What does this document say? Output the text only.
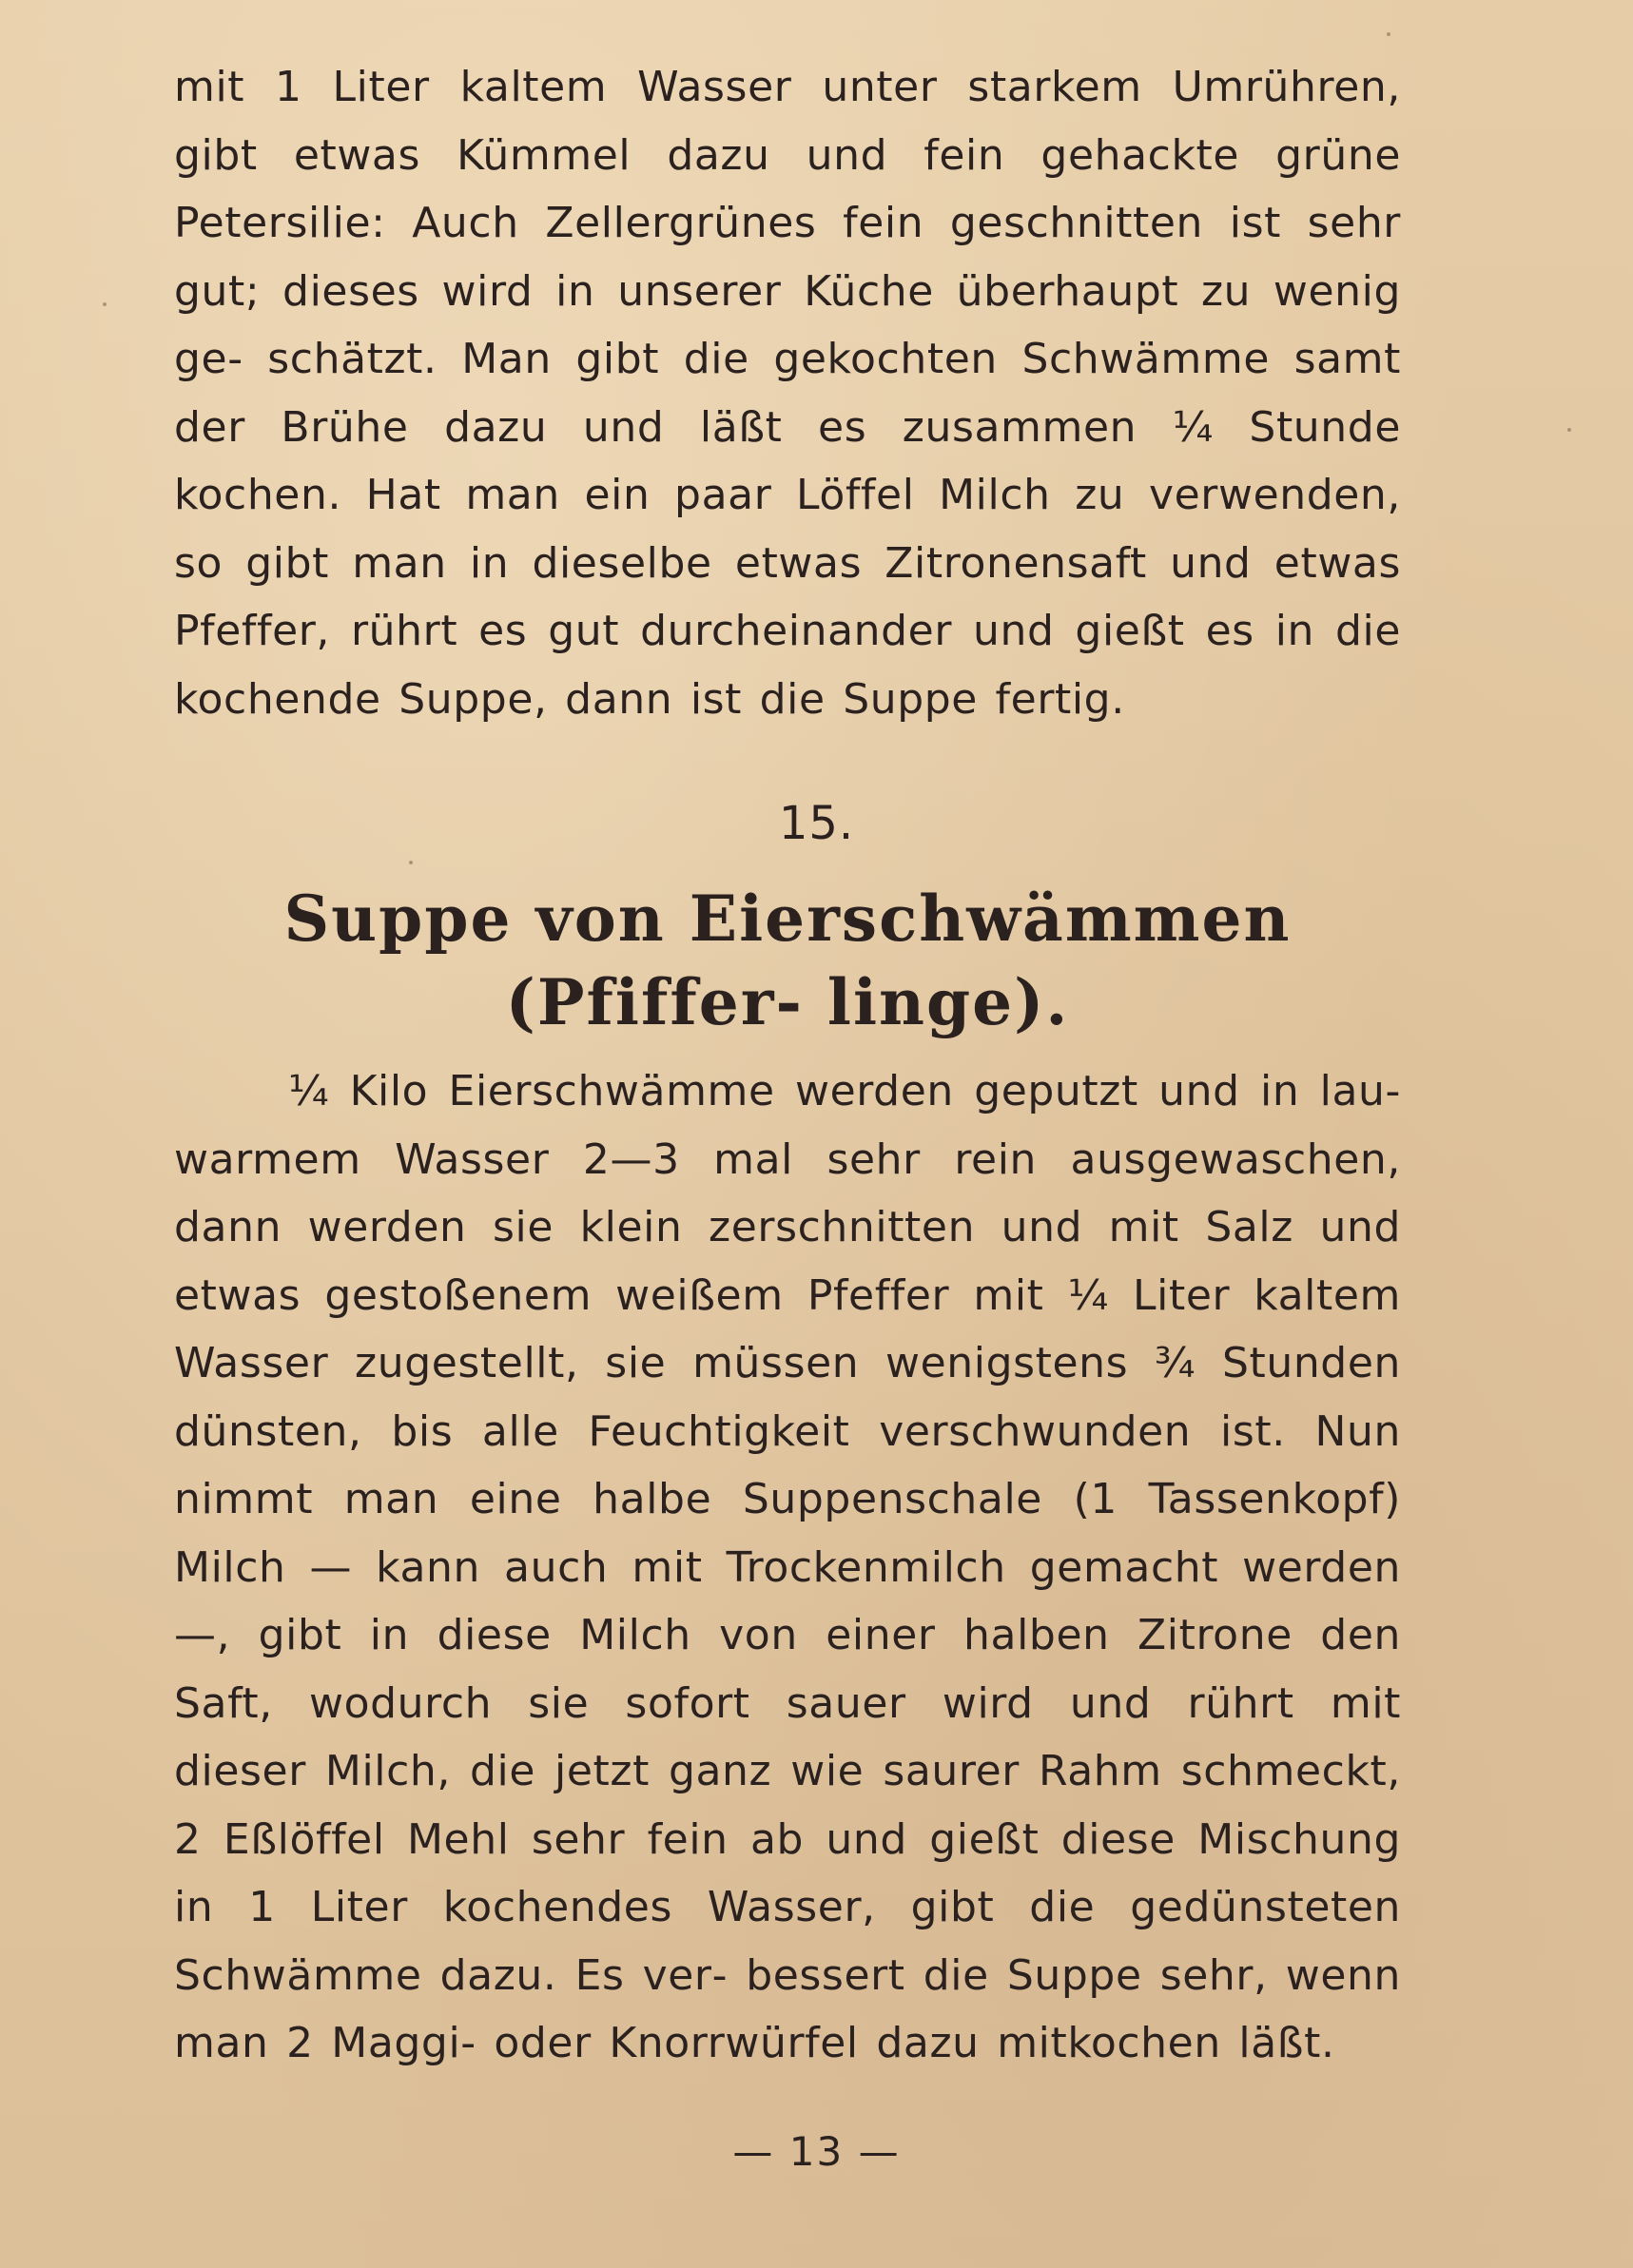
mit 1 Liter kaltem Wasser unter starkem Umrühren, gibt etwas Kümmel dazu und fein gehackte grüne Petersilie: Auch Zellergrünes fein geschnitten ist sehr gut; dieses wird in unserer Küche überhaupt zu wenig ge‑ schätzt. Man gibt die gekochten Schwämme samt der Brühe dazu und läßt es zusammen ¼ Stunde kochen. Hat man ein paar Löffel Milch zu verwenden, so gibt man in dieselbe etwas Zitronensaft und etwas Pfeffer, rührt es gut durcheinander und gießt es in die kochende Suppe, dann ist die Suppe fertig.

15.
Suppe von Eierschwämmen (Pfiffer‑ linge).

¼ Kilo Eierschwämme werden geputzt und in lau‑ warmem Wasser 2—3 mal sehr rein ausgewaschen, dann werden sie klein zerschnitten und mit Salz und etwas gestoßenem weißem Pfeffer mit ¼ Liter kaltem Wasser zugestellt, sie müssen wenigstens ¾ Stunden dünsten, bis alle Feuchtigkeit verschwunden ist. Nun nimmt man eine halbe Suppenschale (1 Tassenkopf) Milch — kann auch mit Trockenmilch gemacht werden —, gibt in diese Milch von einer halben Zitrone den Saft, wodurch sie sofort sauer wird und rührt mit dieser Milch, die jetzt ganz wie saurer Rahm schmeckt, 2 Eßlöffel Mehl sehr fein ab und gießt diese Mischung in 1 Liter kochendes Wasser, gibt die gedünsteten Schwämme dazu. Es ver‑ bessert die Suppe sehr, wenn man 2 Maggi‑ oder Knorrwürfel dazu mitkochen läßt.

— 13 —
